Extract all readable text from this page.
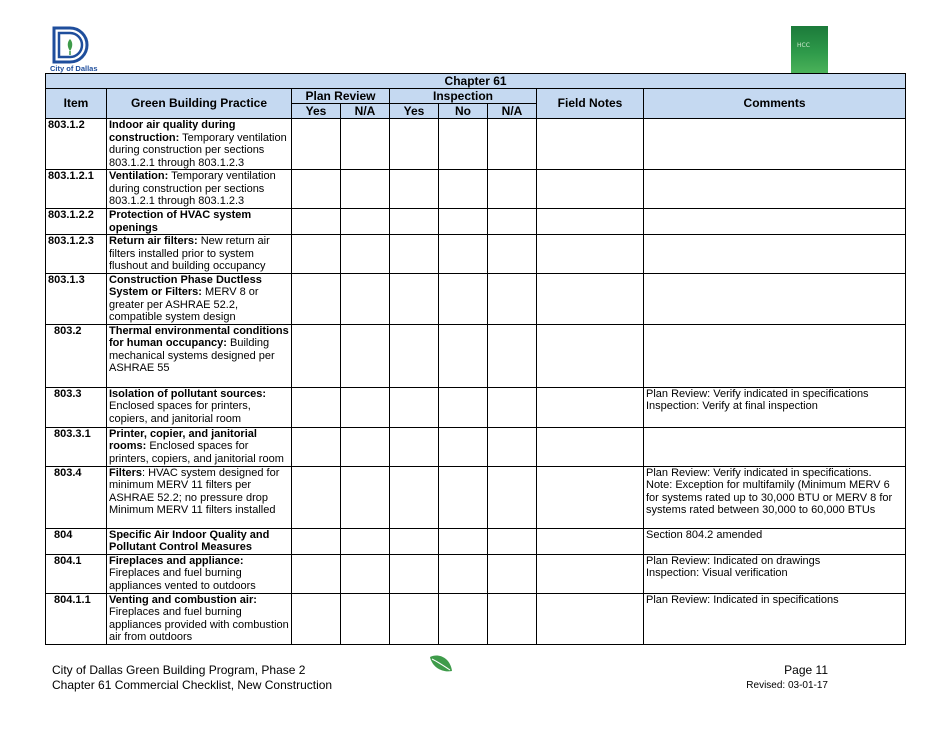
City of Dallas
HCC
Chapter 61								
Item	Green Building Practice	Plan Review		Inspection			Field Notes	Comments
		Yes	N/A	Yes	No	N/A		
803.1.2	Indoor air quality during construction: Temporary ventilation during construction per sections 803.1.2.1 through 803.1.2.3							
803.1.2.1	Ventilation: Temporary ventilation during construction per sections 803.1.2.1 through 803.1.2.3							
803.1.2.2	Protection of HVAC system openings							
803.1.2.3	Return air filters: New return air filters installed prior to system flushout and building occupancy							
803.1.3	Construction Phase Ductless System or Filters: MERV 8 or greater per ASHRAE 52.2, compatible system design							
803.2	Thermal environmental conditions for human occupancy: Building mechanical systems designed per ASHRAE 55							
803.3	Isolation of pollutant sources: Enclosed spaces for printers, copiers, and janitorial room							Plan Review: Verify indicated in specifications
Inspection: Verify at final inspection

803.3.1	Printer, copier, and janitorial rooms: Enclosed spaces for printers, copiers, and janitorial room							
803.4	Filters: HVAC system designed for minimum MERV 11 filters per ASHRAE 52.2; no pressure drop Minimum MERV 11 filters installed							Plan Review: Verify indicated in specifications.
Note: Exception for multifamily (Minimum MERV 6 for systems rated up to 30,000 BTU or MERV 8 for systems rated between 30,000 to 60,000 BTUs

804	Specific Air Indoor Quality and Pollutant Control Measures							Section 804.2 amended

804.1	Fireplaces and appliance: Fireplaces and fuel burning appliances vented to outdoors							Plan Review: Indicated on drawings
Inspection: Visual verification

804.1.1	Venting and combustion air: Fireplaces and fuel burning appliances provided with combustion air from outdoors							Plan Review: Indicated in specifications
City of Dallas Green Building Program, Phase 2
Chapter 61 Commercial Checklist, New Construction
Page 11
Revised: 03-01-17
